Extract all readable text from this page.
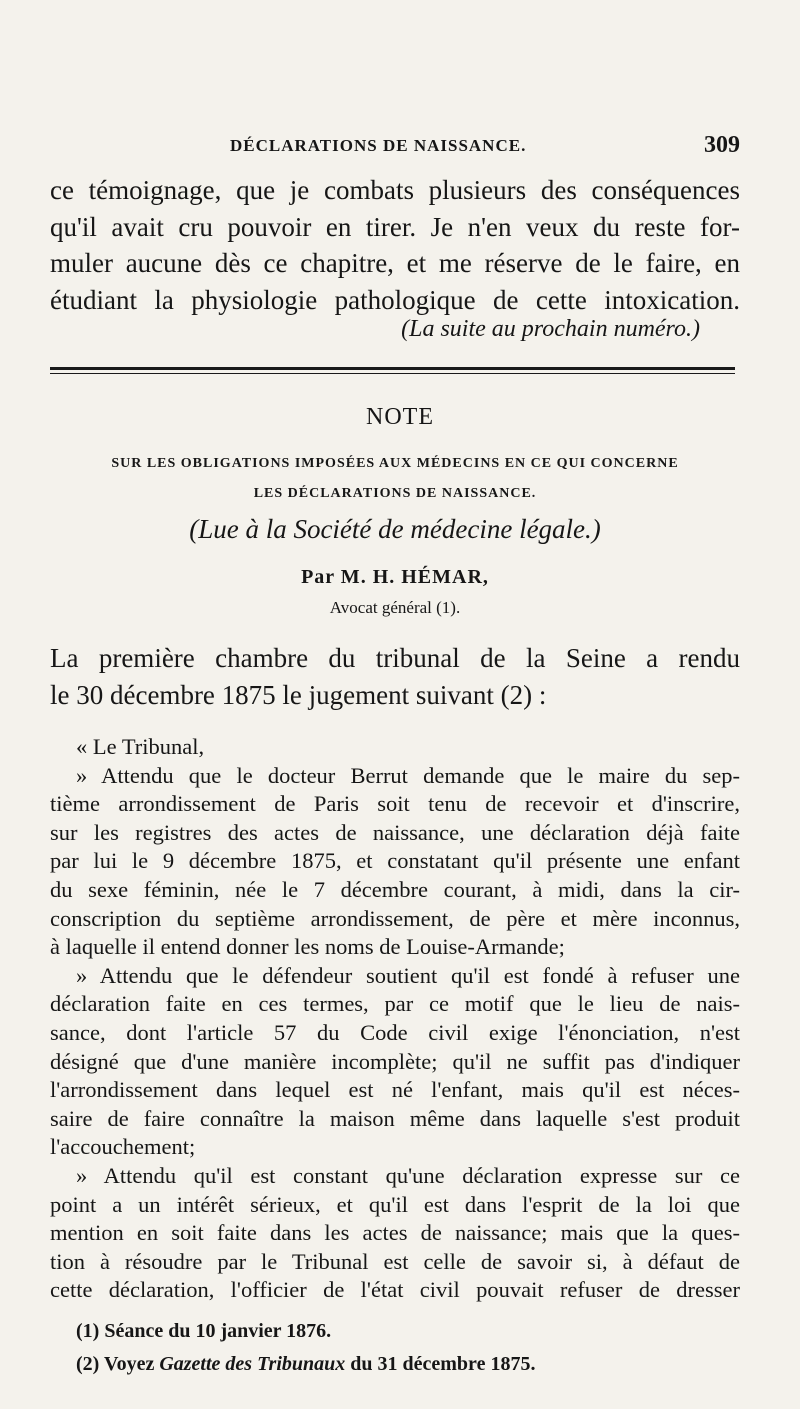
DÉCLARATIONS DE NAISSANCE.	309
ce témoignage, que je combats plusieurs des conséquences
qu'il avait cru pouvoir en tirer. Je n'en veux du reste for-
muler aucune dès ce chapitre, et me réserve de le faire, en
étudiant la physiologie pathologique de cette intoxication.
(La suite au prochain numéro.)
NOTE
SUR LES OBLIGATIONS IMPOSÉES AUX MÉDECINS EN CE QUI CONCERNE
LES DÉCLARATIONS DE NAISSANCE.
(Lue à la Société de médecine légale.)
Par M. H. HÉMAR,
Avocat général (1).
La première chambre du tribunal de la Seine a rendu
le 30 décembre 1875 le jugement suivant (2) :
« Le Tribunal,
» Attendu que le docteur Berrut demande que le maire du sep-
tième arrondissement de Paris soit tenu de recevoir et d'inscrire,
sur les registres des actes de naissance, une déclaration déjà faite
par lui le 9 décembre 1875, et constatant qu'il présente une enfant
du sexe féminin, née le 7 décembre courant, à midi, dans la cir-
conscription du septième arrondissement, de père et mère inconnus,
à laquelle il entend donner les noms de Louise-Armande;
» Attendu que le défendeur soutient qu'il est fondé à refuser une
déclaration faite en ces termes, par ce motif que le lieu de nais-
sance, dont l'article 57 du Code civil exige l'énonciation, n'est
désigné que d'une manière incomplète; qu'il ne suffit pas d'indiquer
l'arrondissement dans lequel est né l'enfant, mais qu'il est néces-
saire de faire connaître la maison même dans laquelle s'est produit
l'accouchement;
» Attendu qu'il est constant qu'une déclaration expresse sur ce
point a un intérêt sérieux, et qu'il est dans l'esprit de la loi que
mention en soit faite dans les actes de naissance; mais que la ques-
tion à résoudre par le Tribunal est celle de savoir si, à défaut de
cette déclaration, l'officier de l'état civil pouvait refuser de dresser
(1) Séance du 10 janvier 1876.
(2) Voyez Gazette des Tribunaux du 31 décembre 1875.
